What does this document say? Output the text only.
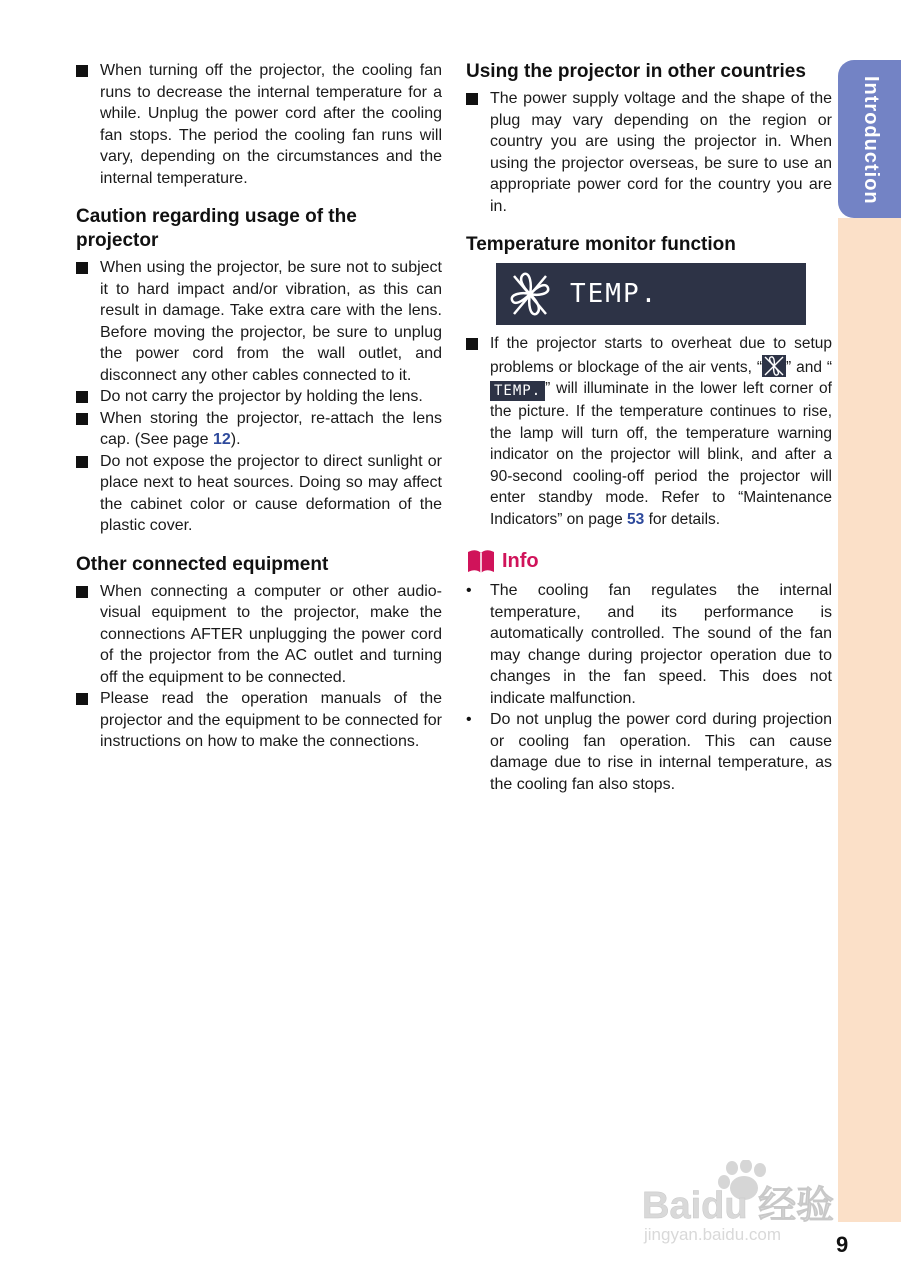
Introduction
When turning off the projector, the cooling fan runs to decrease the internal temperature for a while. Unplug the power cord after the cooling fan stops. The period the cooling fan runs will vary, depending on the circumstances and the internal temperature.
Caution regarding usage of the projector
When using the projector, be sure not to subject it to hard impact and/or vibration, as this can result in damage. Take extra care with the lens. Before moving the projector, be sure to unplug the power cord from the wall outlet, and disconnect any other cables connected to it.
Do not carry the projector by holding the lens.
When storing the projector, re-attach the lens cap. (See page 12).
Do not expose the projector to direct sunlight or place next to heat sources. Doing so may affect the cabinet color or cause deformation of the plastic cover.
Other connected equipment
When connecting a computer or other audio-visual equipment to the projector, make the connections AFTER unplugging the power cord of the projector from the AC outlet and turning off the equipment to be connected.
Please read the operation manuals of the projector and the equipment to be connected for instructions on how to make the connections.
Using the projector in other countries
The power supply voltage and the shape of the plug may vary depending on the region or country you are using the projector in. When using the projector overseas, be sure to use an appropriate power cord for the country you are in.
Temperature monitor function
TEMP.
If the projector starts to overheat due to setup problems or blockage of the air vents, “ ” and “TEMP. ” will illuminate in the lower left corner of the picture. If the temperature continues to rise, the lamp will turn off, the temperature warning indicator on the projector will blink, and after a 90-second cooling-off period the projector will enter standby mode. Refer to “Maintenance Indicators” on page 53 for details.
Info
• The cooling fan regulates the internal temperature, and its performance is automatically controlled. The sound of the fan may change during projector operation due to changes in the fan speed. This does not indicate malfunction.
• Do not unplug the power cord during projection or cooling fan operation. This can cause damage due to rise in internal temperature, as the cooling fan also stops.
9
Baidu 经验
jingyan.baidu.com
